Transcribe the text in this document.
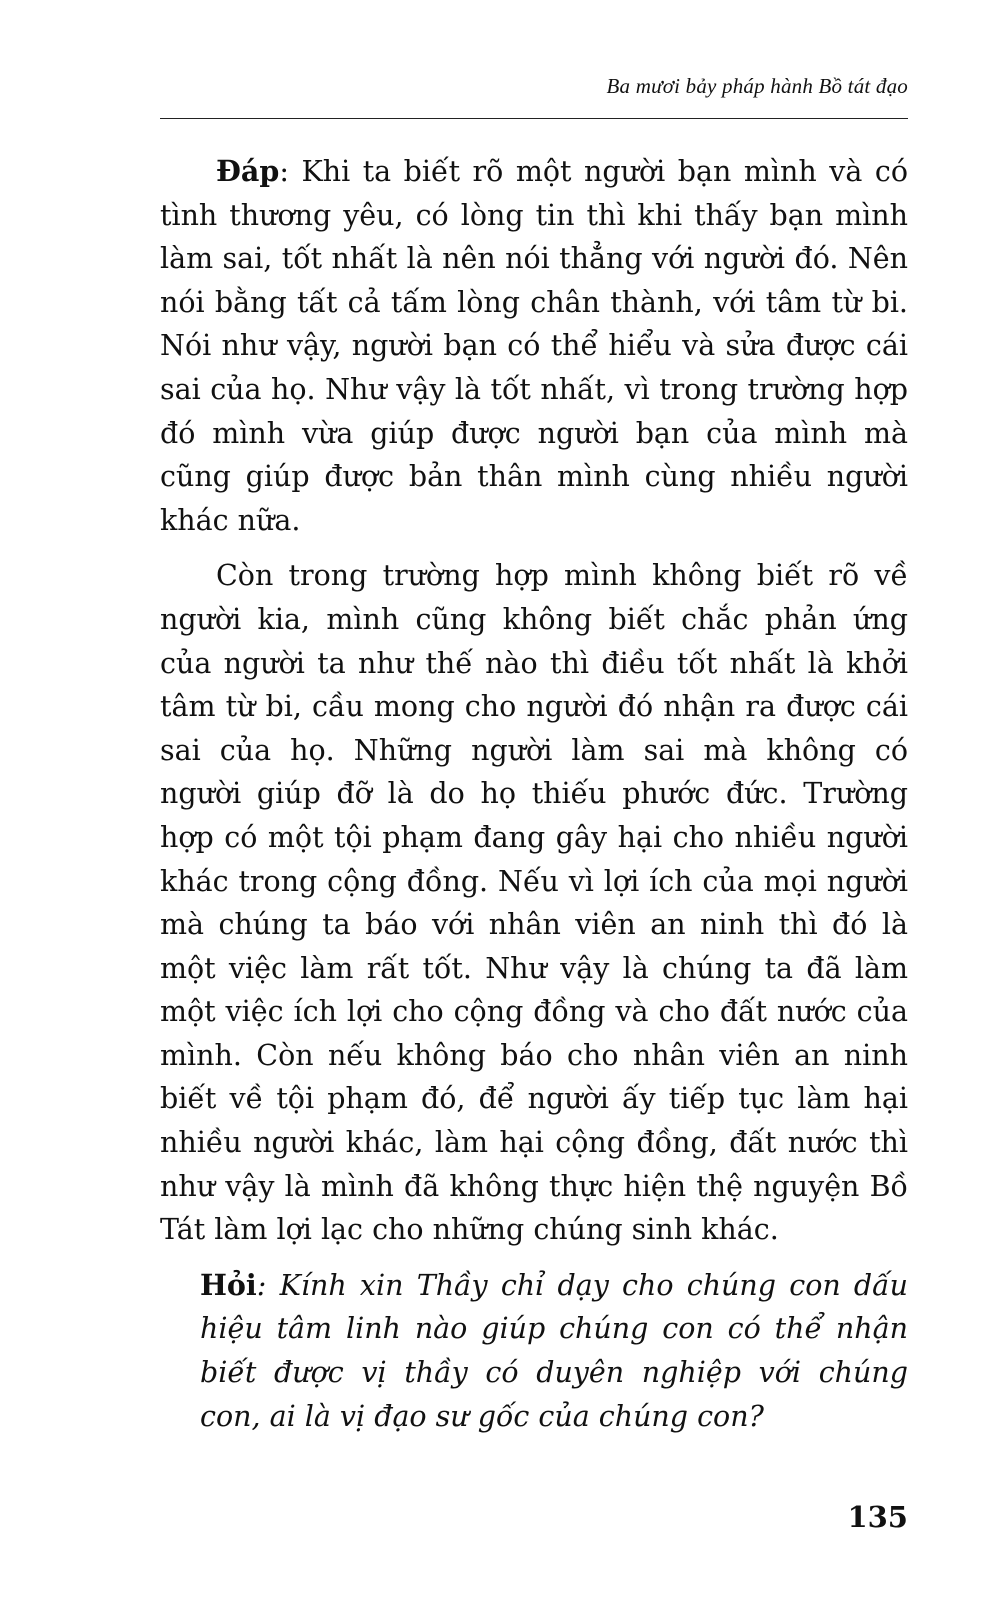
Ba mươi bảy pháp hành Bồ tát đạo

Đáp: Khi ta biết rõ một người bạn mình và có tình thương yêu, có lòng tin thì khi thấy bạn mình làm sai, tốt nhất là nên nói thẳng với người đó. Nên nói bằng tất cả tấm lòng chân thành, với tâm từ bi. Nói như vậy, người bạn có thể hiểu và sửa được cái sai của họ. Như vậy là tốt nhất, vì trong trường hợp đó mình vừa giúp được người bạn của mình mà cũng giúp được bản thân mình cùng nhiều người khác nữa.

Còn trong trường hợp mình không biết rõ về người kia, mình cũng không biết chắc phản ứng của người ta như thế nào thì điều tốt nhất là khởi tâm từ bi, cầu mong cho người đó nhận ra được cái sai của họ. Những người làm sai mà không có người giúp đỡ là do họ thiếu phước đức. Trường hợp có một tội phạm đang gây hại cho nhiều người khác trong cộng đồng. Nếu vì lợi ích của mọi người mà chúng ta báo với nhân viên an ninh thì đó là một việc làm rất tốt. Như vậy là chúng ta đã làm một việc ích lợi cho cộng đồng và cho đất nước của mình. Còn nếu không báo cho nhân viên an ninh biết về tội phạm đó, để người ấy tiếp tục làm hại nhiều người khác, làm hại cộng đồng, đất nước thì như vậy là mình đã không thực hiện thệ nguyện Bồ Tát làm lợi lạc cho những chúng sinh khác.

Hỏi: Kính xin Thầy chỉ dạy cho chúng con dấu hiệu tâm linh nào giúp chúng con có thể nhận biết được vị thầy có duyên nghiệp với chúng con, ai là vị đạo sư gốc của chúng con?

135
